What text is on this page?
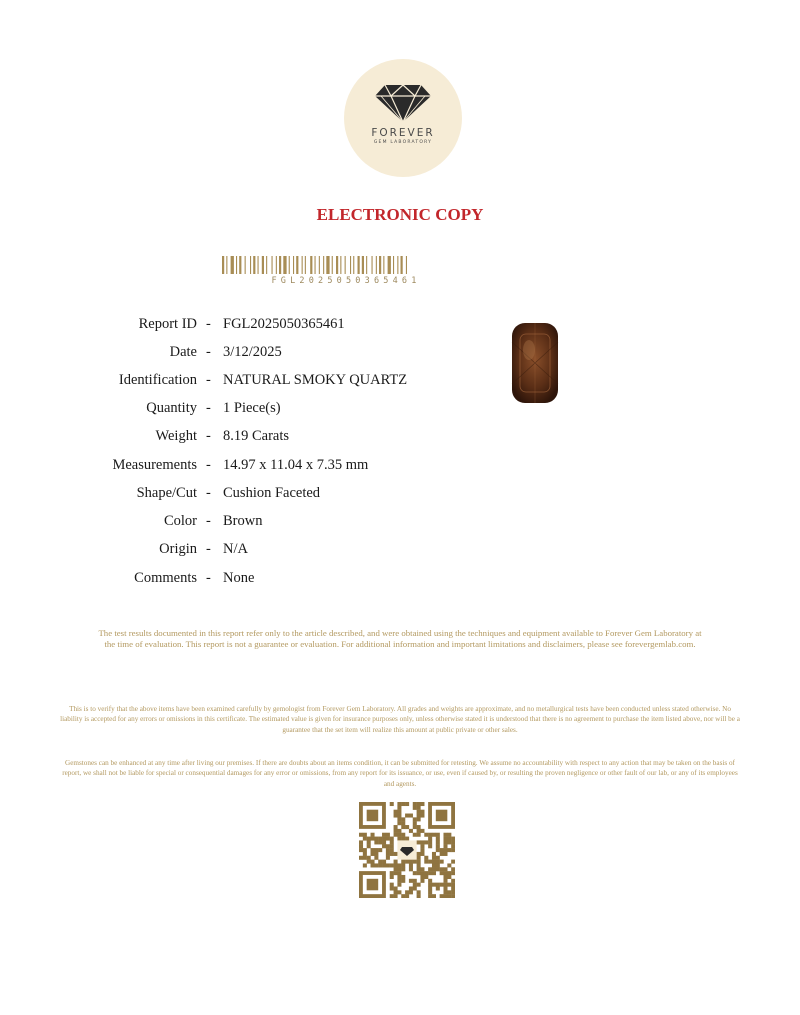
FOREVER
GEM LABORATORY
ELECTRONIC COPY
FGL2025050365461
Report ID - FGL2025050365461
Date - 3/12/2025
Identification - NATURAL SMOKY QUARTZ
Quantity - 1 Piece(s)
Weight - 8.19 Carats
Measurements - 14.97 x 11.04 x 7.35 mm
Shape/Cut - Cushion Faceted
Color - Brown
Origin - N/A
Comments - None
The test results documented in this report refer only to the article described, and were obtained using the techniques and equipment available to Forever Gem Laboratory at the time of evaluation. This report is not a guarantee or evaluation. For additional information and important limitations and disclaimers, please see forevergemlab.com.
This is to verify that the above items have been examined carefully by gemologist from Forever Gem Laboratory. All grades and weights are approximate, and no metallurgical tests have been conducted unless stated otherwise. No liability is accepted for any errors or omissions in this certificate. The estimated value is given for insurance purposes only, unless otherwise stated it is understood that there is no agreement to purchase the item listed above, nor will be a guarantee that the set item will realize this amount at public private or other sales.
Gemstones can be enhanced at any time after living our premises. If there are doubts about an items condition, it can be submitted for retesting. We assume no accountability with respect to any action that may be taken on the basis of report, we shall not be liable for special or consequential damages for any error or omissions, from any report for its issuance, or use, even if caused by, or resulting the proven negligence or other fault of our lab, or any of its employees and agents.
